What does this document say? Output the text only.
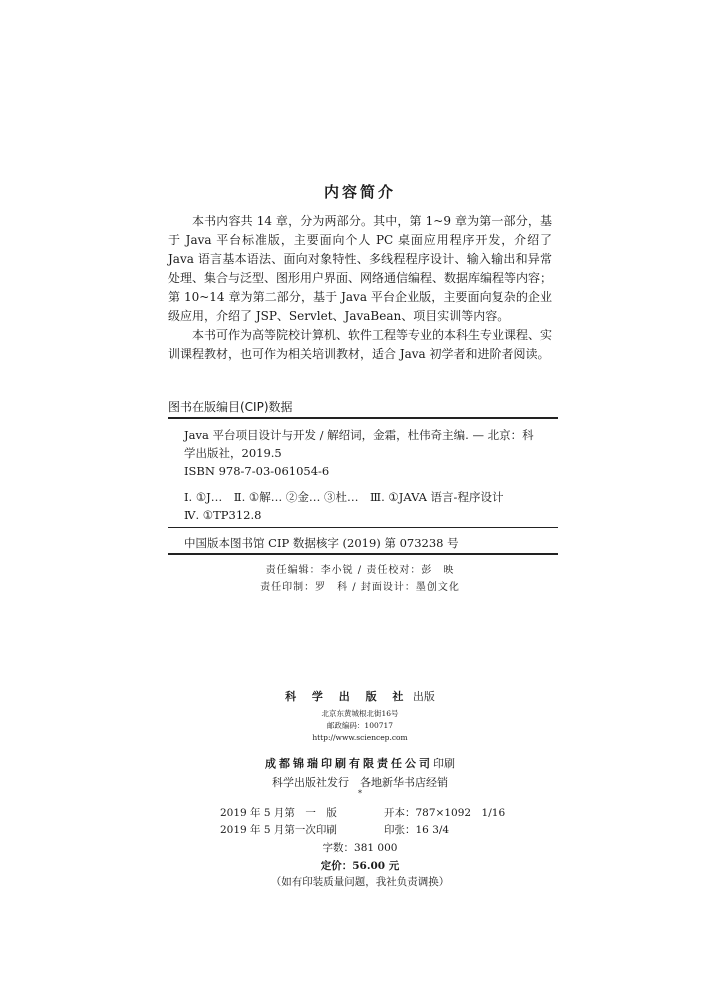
内容简介

本书内容共 14 章，分为两部分。其中，第 1~9 章为第一部分，基于 Java 平台标准版，主要面向个人 PC 桌面应用程序开发，介绍了 Java 语言基本语法、面向对象特性、多线程程序设计、输入输出和异常处理、集合与泛型、图形用户界面、网络通信编程、数据库编程等内容；第 10~14 章为第二部分，基于 Java 平台企业版，主要面向复杂的企业级应用，介绍了 JSP、Servlet、JavaBean、项目实训等内容。

本书可作为高等院校计算机、软件工程等专业的本科生专业课程、实训课程教材，也可作为相关培训教材，适合 Java 初学者和进阶者阅读。

图书在版编目(CIP)数据

Java 平台项目设计与开发 / 解绍词，金霜，杜伟奇主编. — 北京：科学出版社，2019.5

ISBN 978-7-03-061054-6

Ⅰ. ①J…　Ⅱ. ①解… ②金… ③杜…　Ⅲ. ①JAVA 语言-程序设计

Ⅳ. ①TP312.8

中国版本图书馆 CIP 数据核字 (2019) 第 073238 号
责任编辑：李小锐 / 责任校对：彭　映
责任印制：罗　科 / 封面设计：墨创文化
科 学 出 版 社 出版
北京东黄城根北街16号
邮政编码：100717
http://www.sciencep.com
成都锦瑞印刷有限责任公司印刷
科学出版社发行　各地新华书店经销
*
2019 年 5 月第　一　版	开本：787×1092　1/16
2019 年 5 月第一次印刷	印张：16 3/4
字数：381 000
定价：56.00 元
（如有印装质量问题，我社负责调换）
